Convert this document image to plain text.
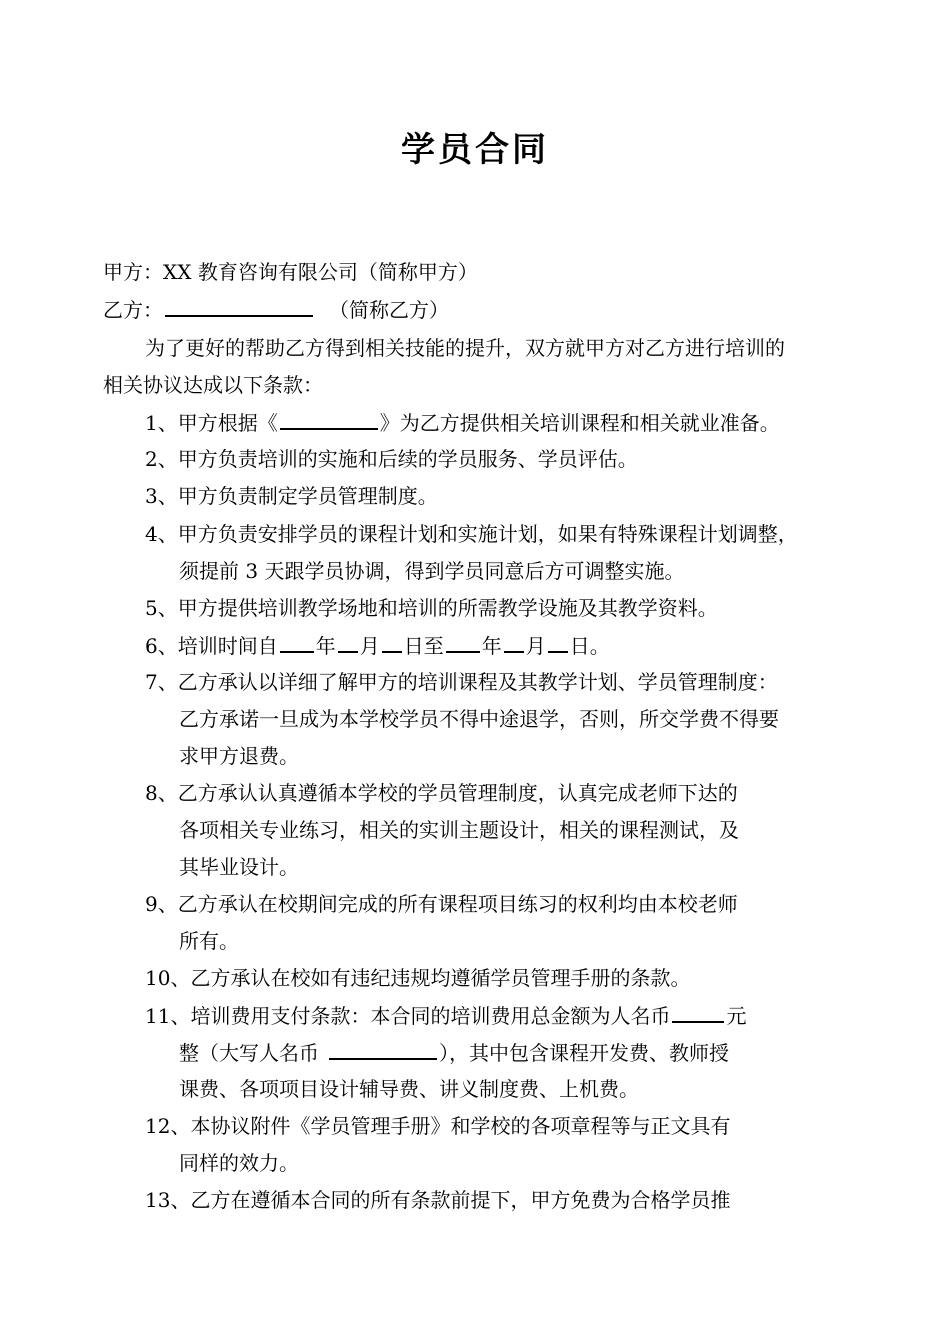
学员合同
甲方：XX 教育咨询有限公司（简称甲方）
乙方：	（简称乙方）
为了更好的帮助乙方得到相关技能的提升，双方就甲方对乙方进行培训的
相关协议达成以下条款：
1、甲方根据《	》为乙方提供相关培训课程和相关就业准备。
2、甲方负责培训的实施和后续的学员服务、学员评估。
3、甲方负责制定学员管理制度。
4、甲方负责安排学员的课程计划和实施计划，如果有特殊课程计划调整，
须提前 3 天跟学员协调，得到学员同意后方可调整实施。
5、甲方提供培训教学场地和培训的所需教学设施及其教学资料。
6、培训时间自 年 月 日至 年 月 日。
7、乙方承认以详细了解甲方的培训课程及其教学计划、学员管理制度：
乙方承诺一旦成为本学校学员不得中途退学，否则，所交学费不得要
求甲方退费。
8、乙方承认认真遵循本学校的学员管理制度，认真完成老师下达的
各项相关专业练习，相关的实训主题设计，相关的课程测试，及
其毕业设计。
9、乙方承认在校期间完成的所有课程项目练习的权利均由本校老师
所有。
10、乙方承认在校如有违纪违规均遵循学员管理手册的条款。
11、培训费用支付条款：本合同的培训费用总金额为人名币	元
整（大写人名币	），其中包含课程开发费、教师授
课费、各项项目设计辅导费、讲义制度费、上机费。
12、本协议附件《学员管理手册》和学校的各项章程等与正文具有
同样的效力。
13、乙方在遵循本合同的所有条款前提下，甲方免费为合格学员推
